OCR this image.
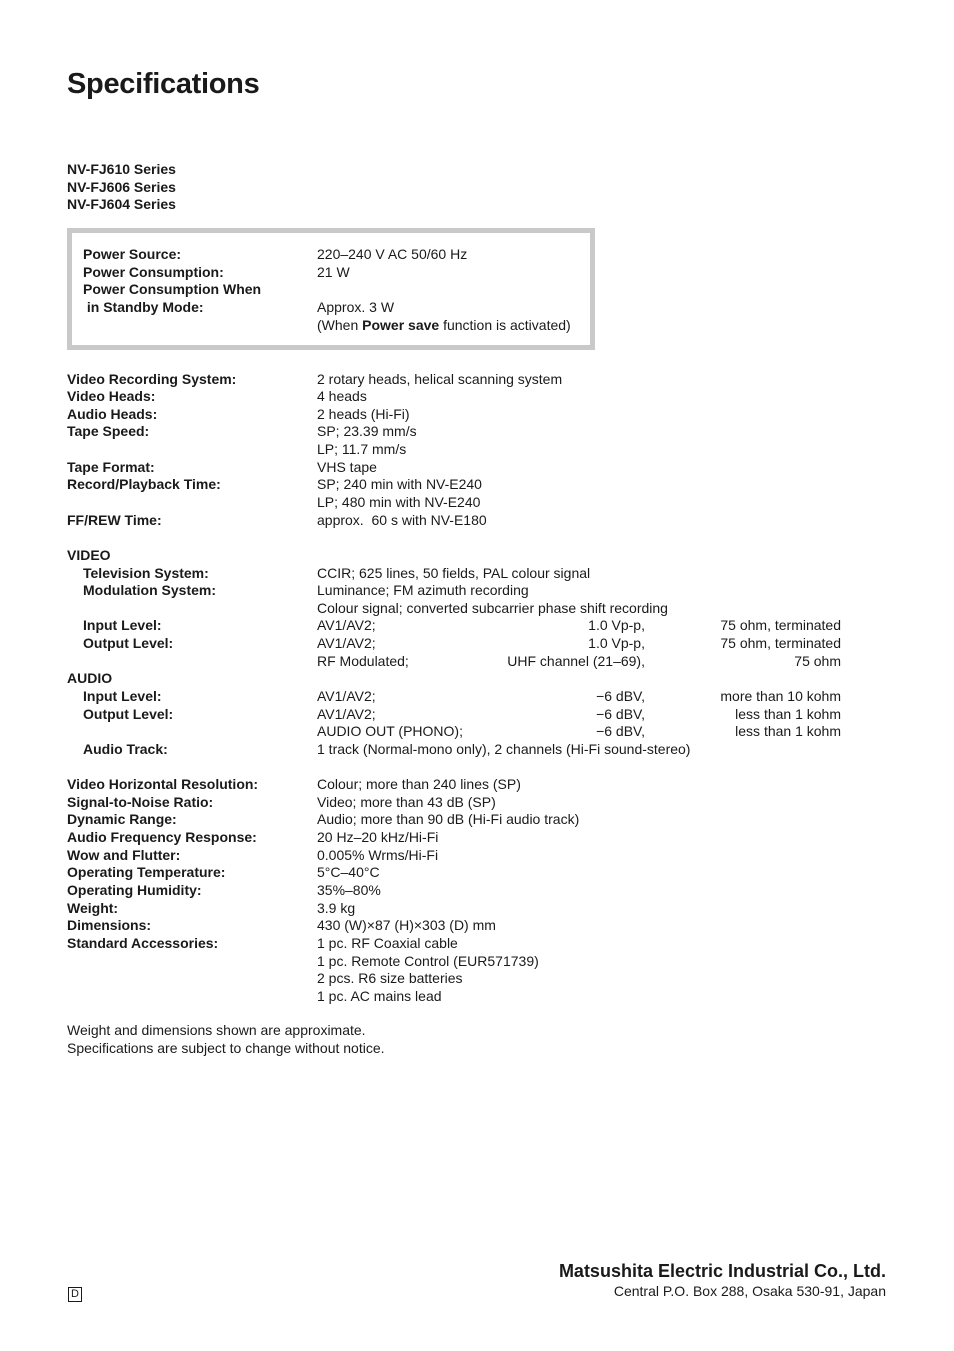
Specifications
NV-FJ610 Series
NV-FJ606 Series
NV-FJ604 Series
Power Source:	220–240 V AC 50/60 Hz
Power Consumption:	21 W
Power Consumption When
in Standby Mode:	Approx. 3 W
(When Power save function is activated)
Video Recording System:	2 rotary heads, helical scanning system
Video Heads:	4 heads
Audio Heads:	2 heads (Hi-Fi)
Tape Speed:	SP; 23.39 mm/s
LP; 11.7 mm/s
Tape Format:	VHS tape
Record/Playback Time:	SP; 240 min with NV-E240
LP; 480 min with NV-E240
FF/REW Time:	approx.  60 s with NV-E180
VIDEO
Television System:	CCIR; 625 lines, 50 fields, PAL colour signal
Modulation System:	Luminance; FM azimuth recording
Colour signal; converted subcarrier phase shift recording
Input Level:	AV1/AV2;	1.0 Vp-p,	75 ohm, terminated
Output Level:	AV1/AV2;	1.0 Vp-p,	75 ohm, terminated
RF Modulated;	UHF channel (21–69),	75 ohm
AUDIO
Input Level:	AV1/AV2;	−6 dBV,	more than 10 kohm
Output Level:	AV1/AV2;	−6 dBV,	less than 1 kohm
AUDIO OUT (PHONO);	−6 dBV,	less than 1 kohm
Audio Track:	1 track (Normal-mono only), 2 channels (Hi-Fi sound-stereo)
Video Horizontal Resolution:	Colour; more than 240 lines (SP)
Signal-to-Noise Ratio:	Video; more than 43 dB (SP)
Dynamic Range:	Audio; more than 90 dB (Hi-Fi audio track)
Audio Frequency Response:	20 Hz–20 kHz/Hi-Fi
Wow and Flutter:	0.005% Wrms/Hi-Fi
Operating Temperature:	5°C–40°C
Operating Humidity:	35%–80%
Weight:	3.9 kg
Dimensions:	430 (W)×87 (H)×303 (D) mm
Standard Accessories:	1 pc. RF Coaxial cable
1 pc. Remote Control (EUR571739)
2 pcs. R6 size batteries
1 pc. AC mains lead
Weight and dimensions shown are approximate.
Specifications are subject to change without notice.
Matsushita Electric Industrial Co., Ltd.
Central P.O. Box 288, Osaka 530-91, Japan
D
